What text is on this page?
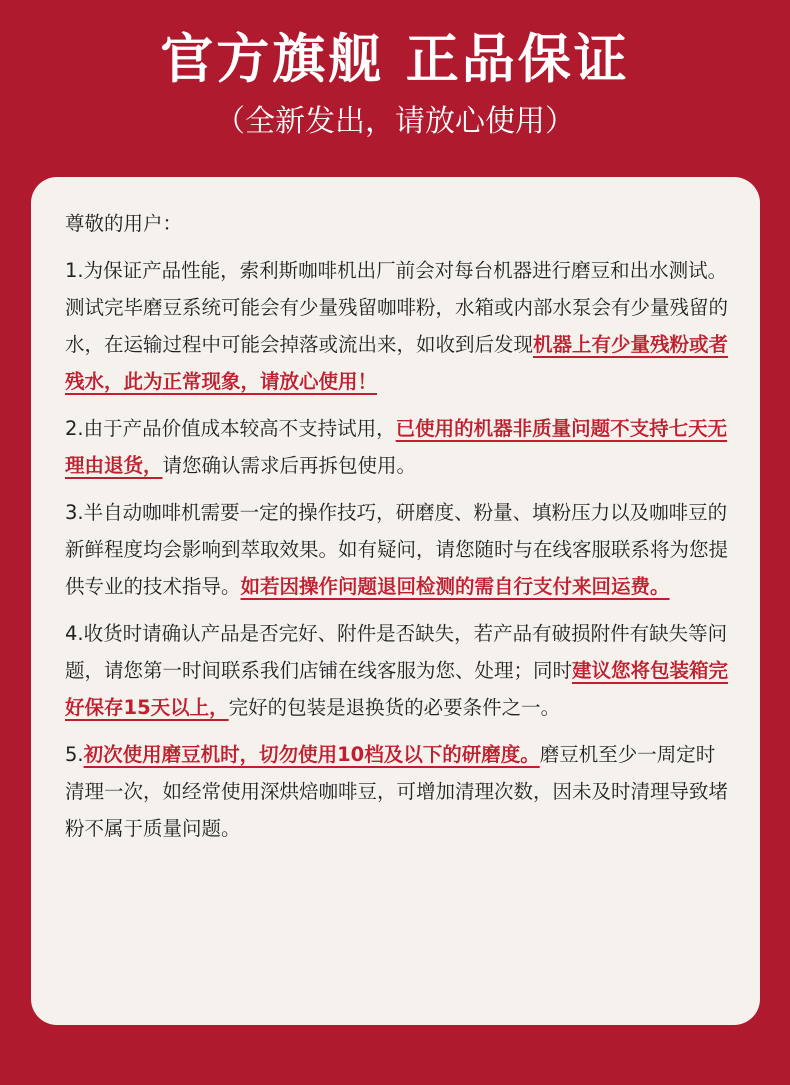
官方旗舰 正品保证
（全新发出，请放心使用）

尊敬的用户：

1.为保证产品性能，索利斯咖啡机出厂前会对每台机器进行磨豆和出水测试。测试完毕磨豆系统可能会有少量残留咖啡粉，水箱或内部水泵会有少量残留的水，在运输过程中可能会掉落或流出来，如收到后发现机器上有少量残粉或者残水，此为正常现象，请放心使用！

2.由于产品价值成本较高不支持试用，已使用的机器非质量问题不支持七天无理由退货，请您确认需求后再拆包使用。

3.半自动咖啡机需要一定的操作技巧，研磨度、粉量、填粉压力以及咖啡豆的新鲜程度均会影响到萃取效果。如有疑问，请您随时与在线客服联系将为您提供专业的技术指导。如若因操作问题退回检测的需自行支付来回运费。

4.收货时请确认产品是否完好、附件是否缺失，若产品有破损附件有缺失等问题，请您第一时间联系我们店铺在线客服为您、处理；同时建议您将包装箱完好保存15天以上，完好的包装是退换货的必要条件之一。

5.初次使用磨豆机时，切勿使用10档及以下的研磨度。磨豆机至少一周定时清理一次，如经常使用深烘焙咖啡豆，可增加清理次数，因未及时清理导致堵粉不属于质量问题。
